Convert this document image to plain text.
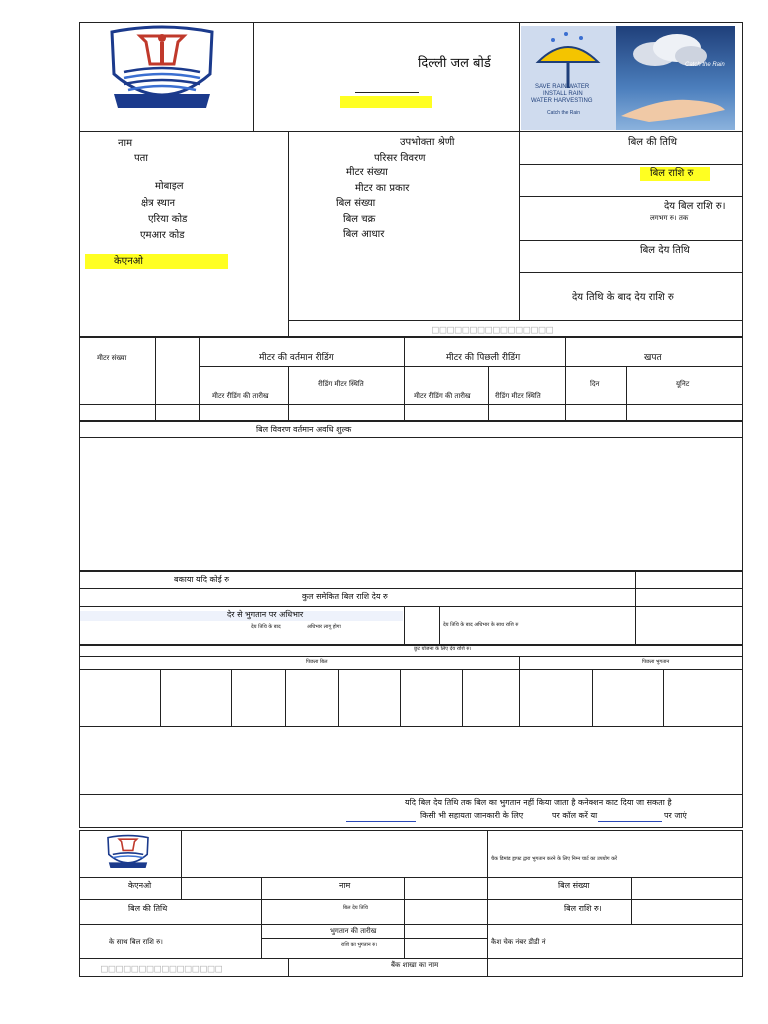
दिल्ली जल बोर्ड
SAVE RAIN WATER
INSTALL RAIN
WATER HARVESTING
Catch the Rain
Catch the Rain
नाम
पता
मोबाइल
क्षेत्र स्थान
एरिया कोड
एमआर कोड
केएनओ
उपभोक्ता श्रेणी
परिसर विवरण
मीटर संख्या
मीटर का प्रकार
बिल संख्या
बिल चक्र
बिल आधार
बिल की तिथि
बिल राशि रु
देय बिल राशि रु।
लगभग रु। तक
बिल देय तिथि
देय तिथि के बाद देय राशि रु
□□□□□□□□□□□□□□□□
मीटर संख्या	मीटर की वर्तमान रीडिंग	मीटर की पिछली रीडिंग	खपत
मीटर रीडिंग की तारीख
रीडिंग मीटर स्थिति
मीटर रीडिंग की तारीख	रीडिंग मीटर स्थिति
दिन	यूनिट
बिल विवरण वर्तमान अवधि शुल्क
बकाया यदि कोई रु
कुल समेकित बिल राशि देय रु
देर से भुगतान पर अधिभार
देय तिथि के बाद	अधिभार लागू होगा	देय तिथि के बाद अधिभार के साथ राशि रु
छूट योजना के लिए देय राशि रु।
पिछला बिल	पिछला भुगतान
यदि बिल देय तिथि तक बिल का भुगतान नहीं किया जाता है कनेक्शन काट दिया जा सकता है
किसी भी सहायता जानकारी के लिए	पर कॉल करें या	पर जाएं
चैक डिमांड ड्राफ्ट द्वारा भुगतान करने के लिए निम्न चार्ट का उपयोग करें
केएनओ	नाम	बिल संख्या
बिल की तिथि	बिल देय तिथि	बिल राशि रु।
भुगतान की तारीख
के साथ बिल राशि रु।	राशि का भुगतान रु।	कैश चेक नंबर डीडी नं
बैंक शाखा का नाम
□□□□□□□□□□□□□□□□
